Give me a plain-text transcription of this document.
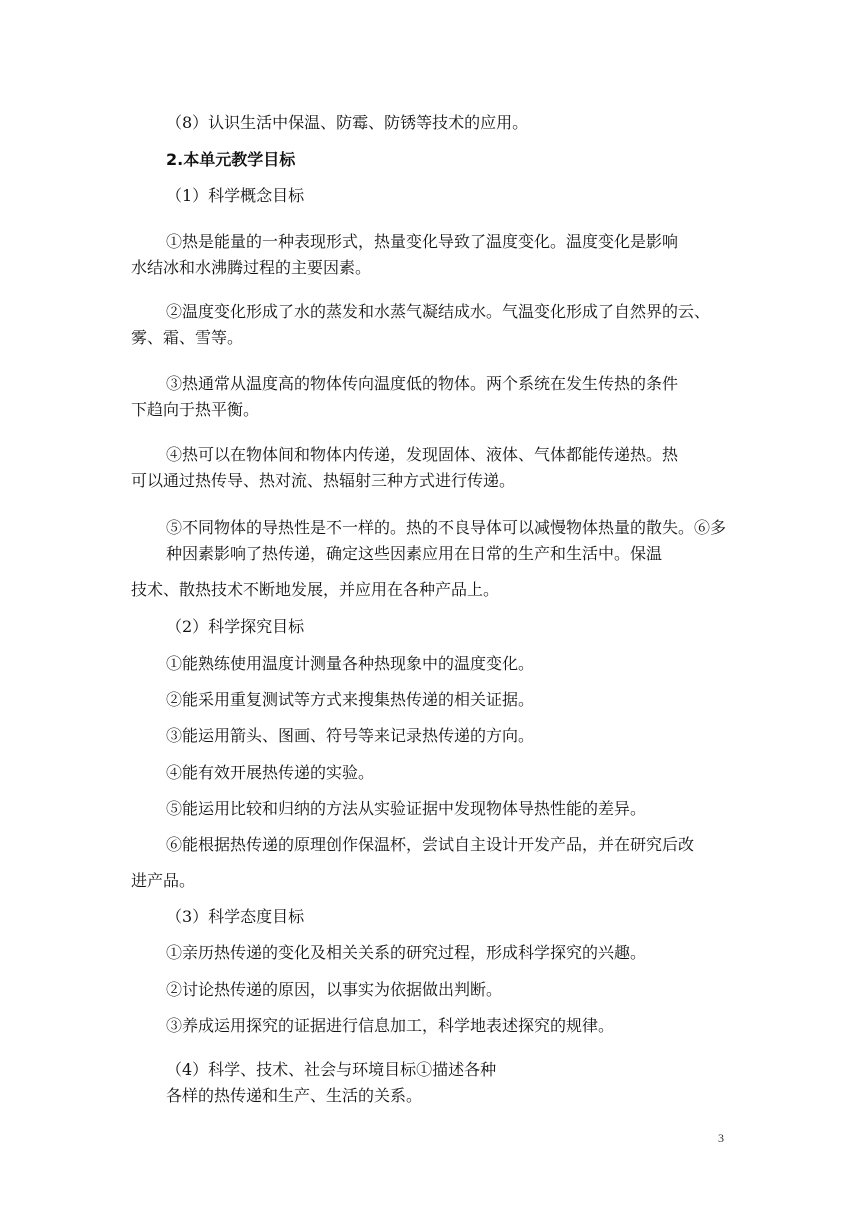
（8）认识生活中保温、防霉、防锈等技术的应用。
2.本单元教学目标
（1）科学概念目标
①热是能量的一种表现形式，热量变化导致了温度变化。温度变化是影响
水结冰和水沸腾过程的主要因素。
②温度变化形成了水的蒸发和水蒸气凝结成水。气温变化形成了自然界的云、
雾、霜、雪等。
③热通常从温度高的物体传向温度低的物体。两个系统在发生传热的条件
下趋向于热平衡。
④热可以在物体间和物体内传递，发现固体、液体、气体都能传递热。热
可以通过热传导、热对流、热辐射三种方式进行传递。
⑤不同物体的导热性是不一样的。热的不良导体可以减慢物体热量的散失。⑥多
种因素影响了热传递，确定这些因素应用在日常的生产和生活中。保温
技术、散热技术不断地发展，并应用在各种产品上。
（2）科学探究目标
①能熟练使用温度计测量各种热现象中的温度变化。
②能采用重复测试等方式来搜集热传递的相关证据。
③能运用箭头、图画、符号等来记录热传递的方向。
④能有效开展热传递的实验。
⑤能运用比较和归纳的方法从实验证据中发现物体导热性能的差异。
⑥能根据热传递的原理创作保温杯，尝试自主设计开发产品，并在研究后改
进产品。
（3）科学态度目标
①亲历热传递的变化及相关关系的研究过程，形成科学探究的兴趣。
②讨论热传递的原因，以事实为依据做出判断。
③养成运用探究的证据进行信息加工，科学地表述探究的规律。
（4）科学、技术、社会与环境目标①描述各种
各样的热传递和生产、生活的关系。
3
